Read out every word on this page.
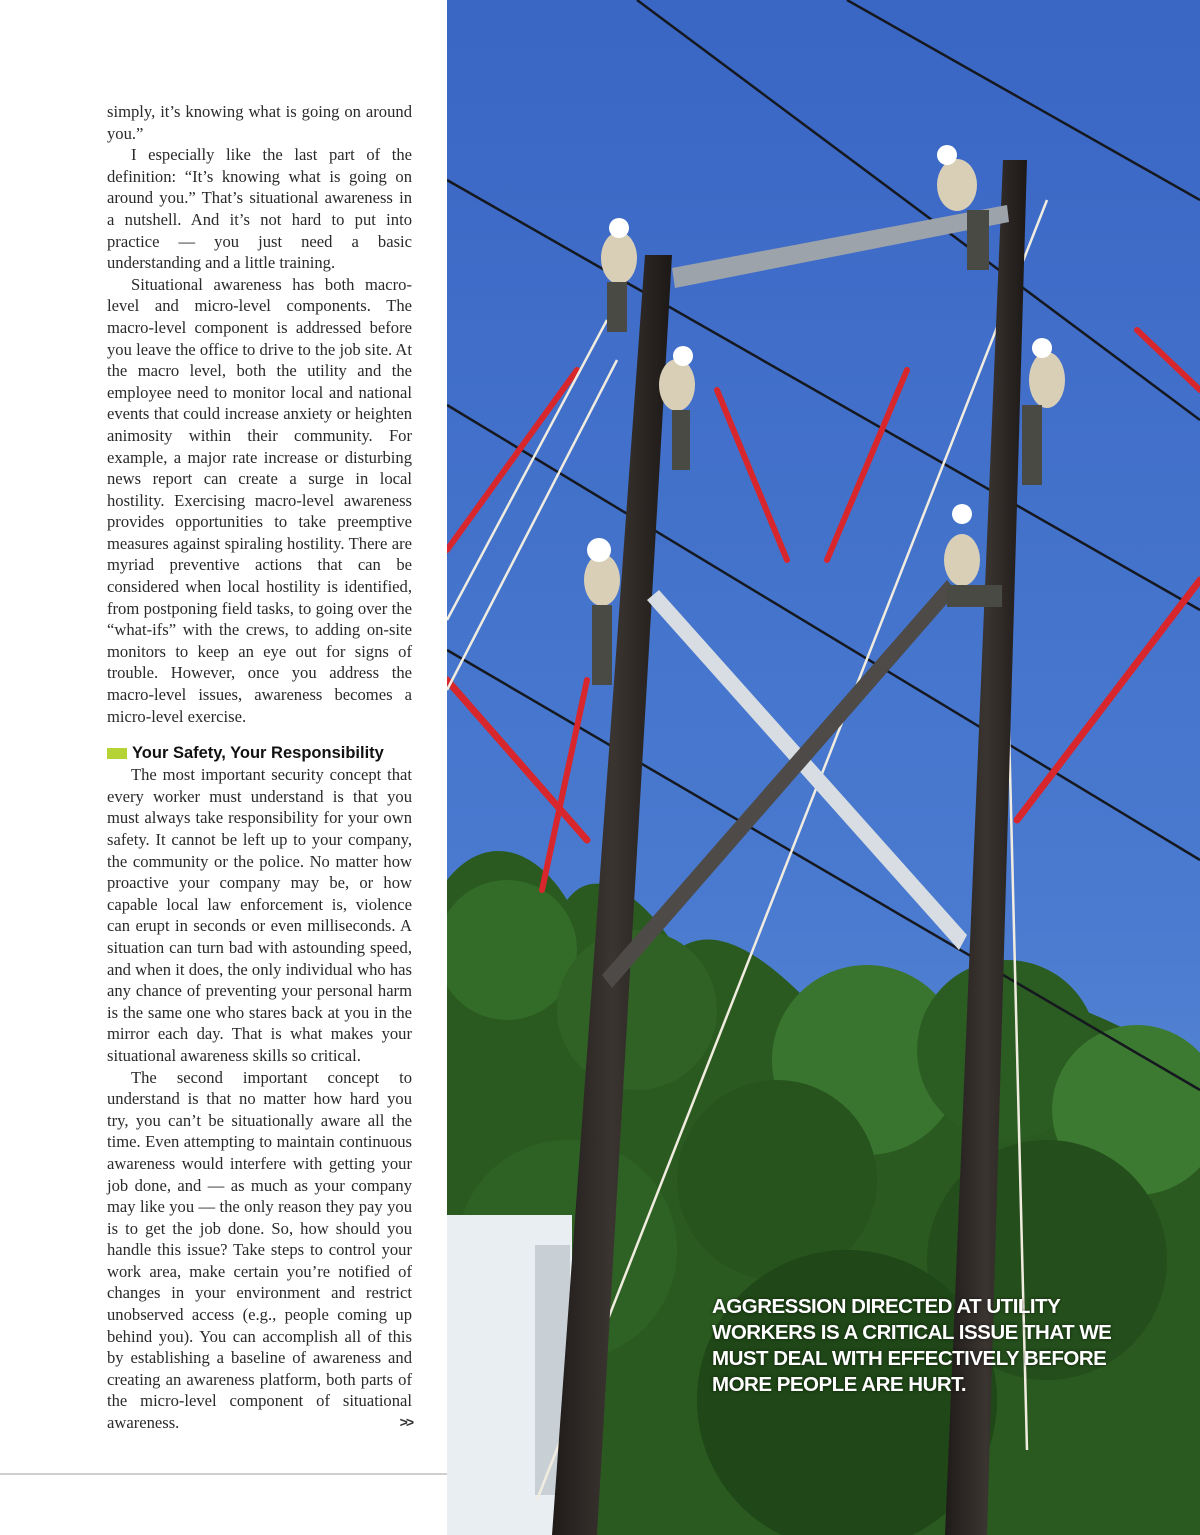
simply, it’s knowing what is going on around you.”

I especially like the last part of the definition: “It’s knowing what is going on around you.” That’s situational awareness in a nutshell. And it’s not hard to put into practice — you just need a basic understanding and a little training.

Situational awareness has both macro-level and micro-level components. The macro-level component is addressed before you leave the office to drive to the job site. At the macro level, both the utility and the employee need to monitor local and national events that could increase anxiety or heighten animosity within their community. For example, a major rate increase or disturbing news report can create a surge in local hostility. Exercising macro-level awareness provides opportunities to take preemptive measures against spiraling hostility. There are myriad preventive actions that can be considered when local hostility is identified, from postponing field tasks, to going over the “what-ifs” with the crews, to adding on-site monitors to keep an eye out for signs of trouble. However, once you address the macro-level issues, awareness becomes a micro-level exercise.

Your Safety, Your Responsibility

The most important security concept that every worker must understand is that you must always take responsibility for your own safety. It cannot be left up to your company, the community or the police. No matter how proactive your company may be, or how capable local law enforcement is, violence can erupt in seconds or even milliseconds. A situation can turn bad with astounding speed, and when it does, the only individual who has any chance of preventing your personal harm is the same one who stares back at you in the mirror each day. That is what makes your situational awareness skills so critical.

The second important concept to understand is that no matter how hard you try, you can’t be situationally aware all the time. Even attempting to maintain continuous awareness would interfere with getting your job done, and — as much as your company may like you — the only reason they pay you is to get the job done. So, how should you handle this issue? Take steps to control your work area, make certain you’re notified of changes in your environment and restrict unobserved access (e.g., people coming up behind you). You can accomplish all of this by establishing a baseline of awareness and creating an awareness platform, both parts of the micro-level component of situational awareness.	>>

AGGRESSION DIRECTED AT UTILITY WORKERS IS A CRITICAL ISSUE THAT WE MUST DEAL WITH EFFECTIVELY BEFORE MORE PEOPLE ARE HURT.
